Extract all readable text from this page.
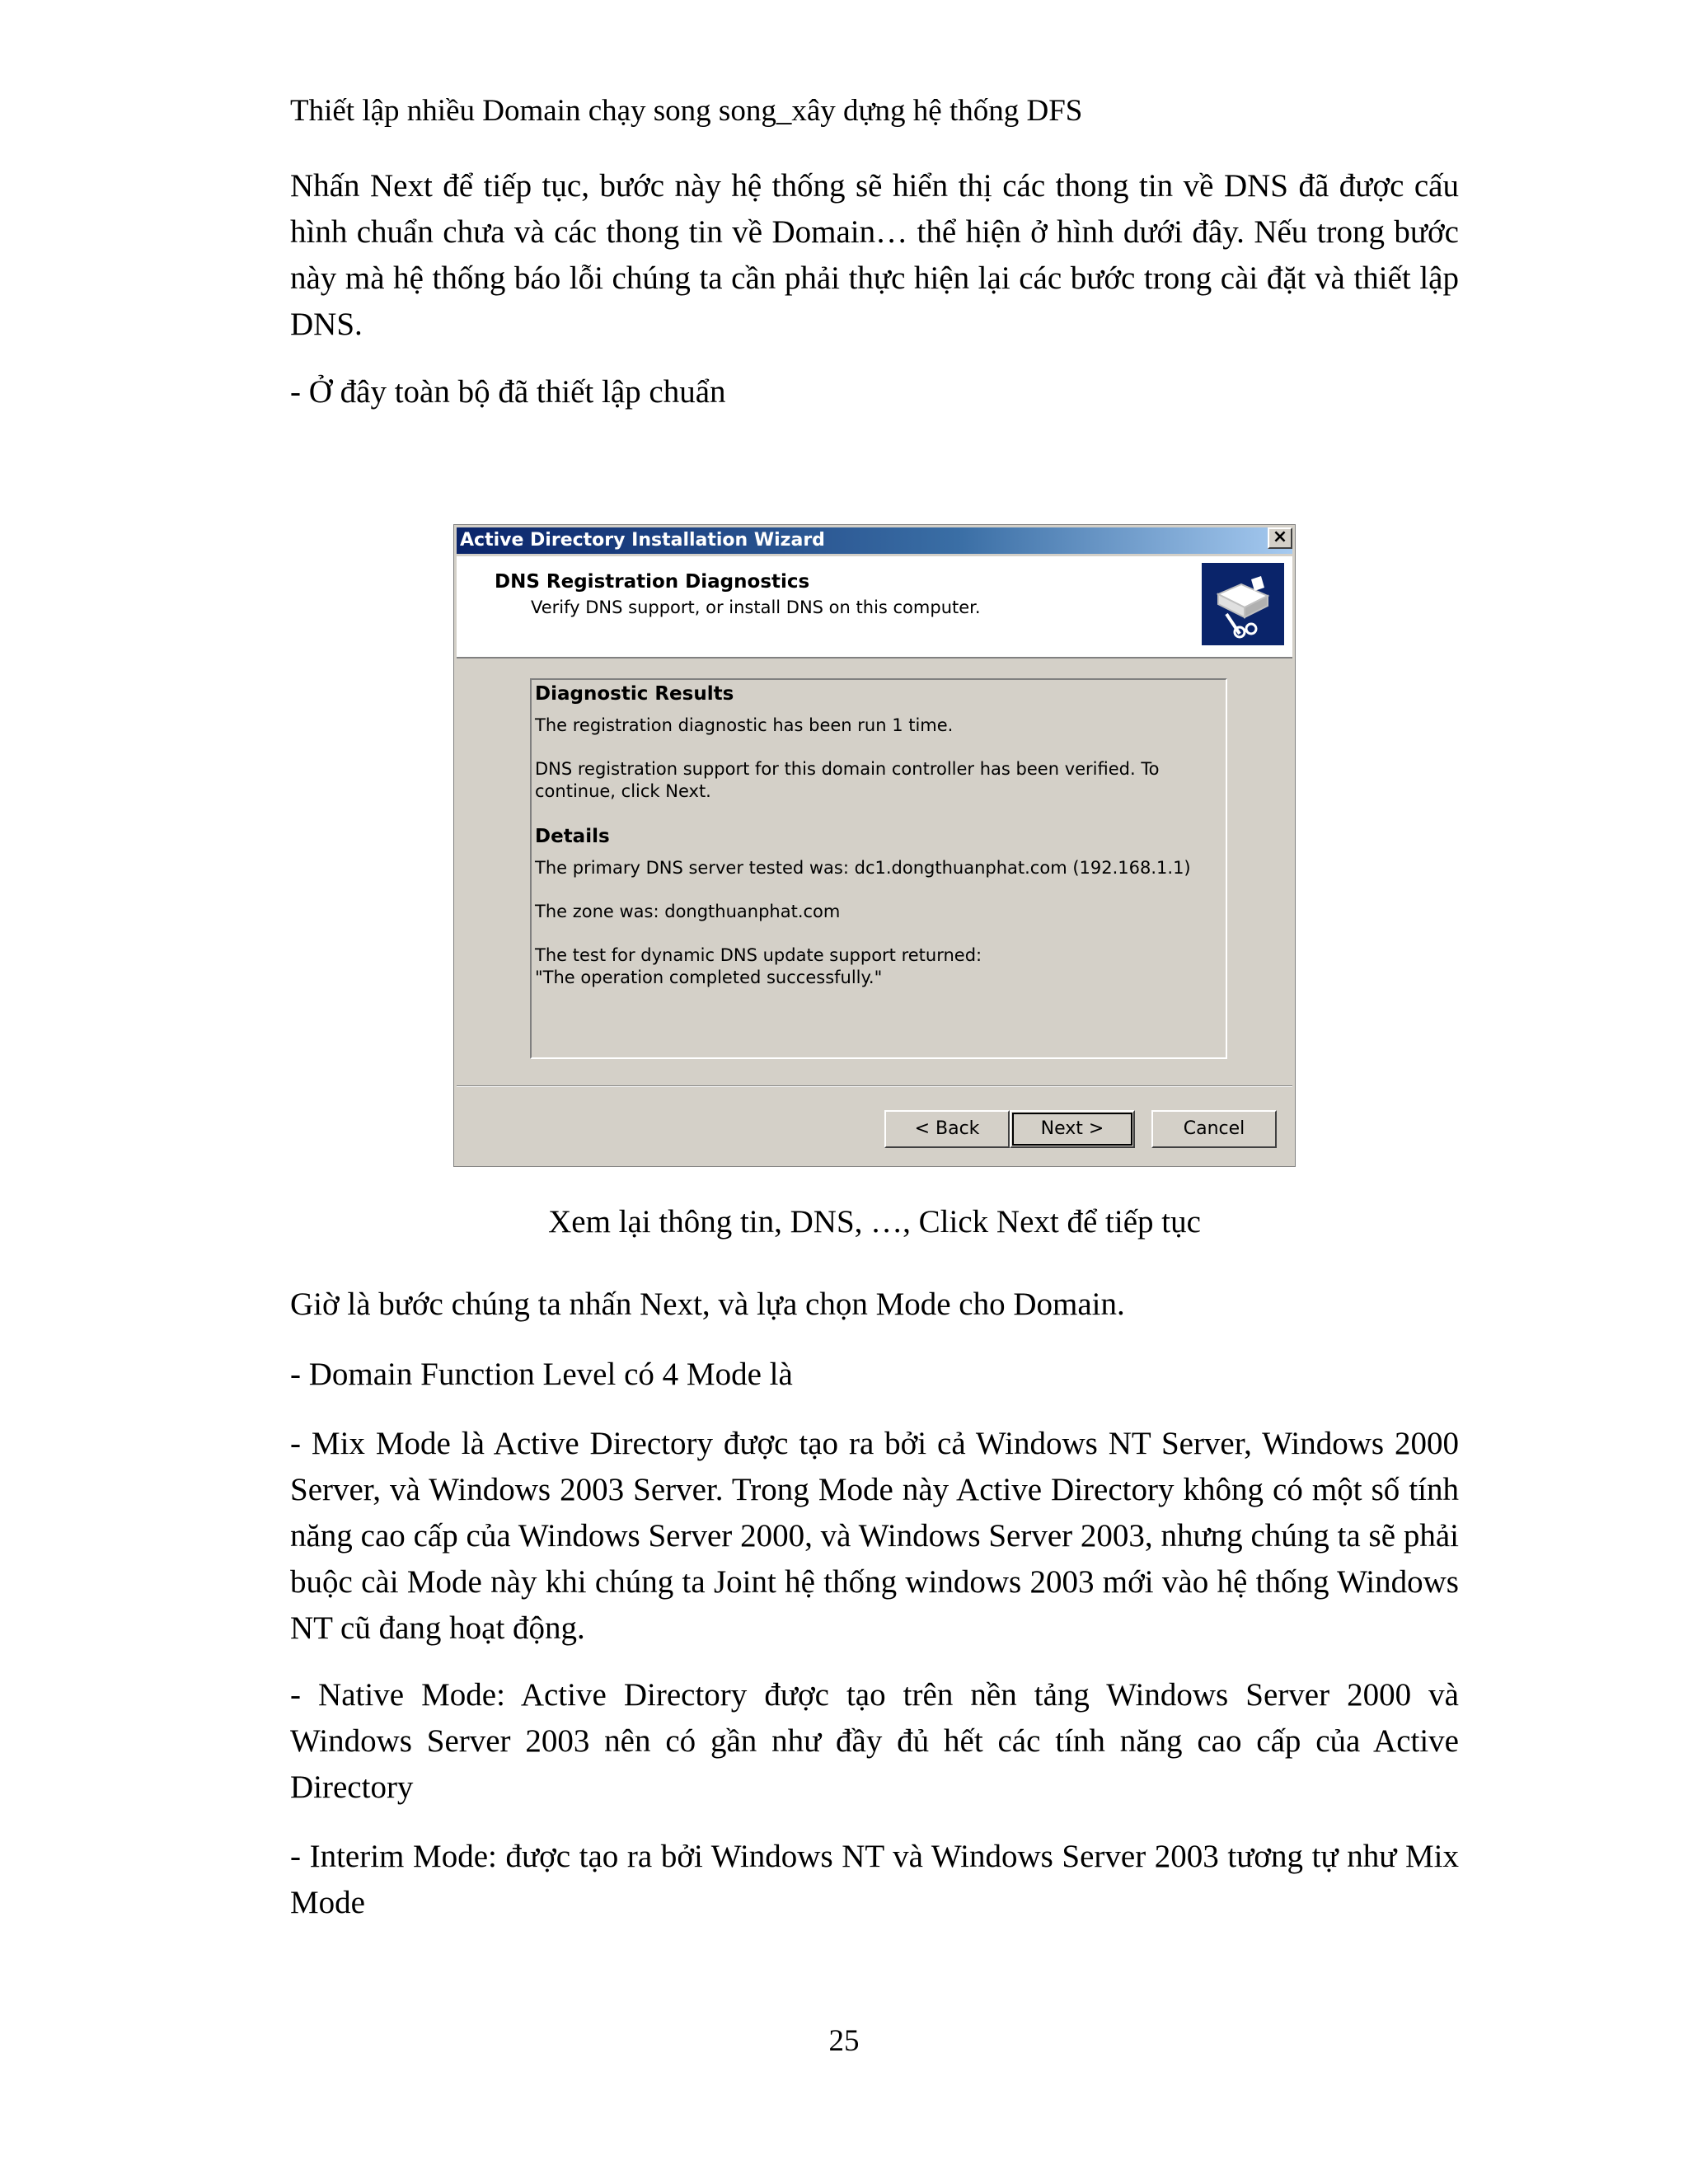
Thiết lập nhiều Domain chạy song song_xây dựng hệ thống DFS

Nhấn Next để tiếp tục, bước này hệ thống sẽ hiển thị các thong tin về DNS đã được cấu hình chuẩn chưa và các thong tin về Domain… thể hiện ở hình dưới đây. Nếu trong bước này mà hệ thống báo lỗi chúng ta cần phải thực hiện lại các bước trong cài đặt và thiết lập DNS.

- Ở đây toàn bộ đã thiết lập chuẩn

Active Directory Installation Wizard	×
DNS Registration Diagnostics
Verify DNS support, or install DNS on this computer.

Diagnostic Results

The registration diagnostic has been run 1 time.

DNS registration support for this domain controller has been verified. To continue, click Next.

Details

The primary DNS server tested was: dc1.dongthuanphat.com (192.168.1.1)

The zone was: dongthuanphat.com

The test for dynamic DNS update support returned:

"The operation completed successfully."

< Back	Next >	Cancel
Xem lại thông tin, DNS, …, Click Next để tiếp tục

Giờ là bước chúng ta nhấn Next, và lựa chọn Mode cho Domain.

- Domain Function Level có 4 Mode là

- Mix Mode là Active Directory được tạo ra bởi cả Windows NT Server, Windows 2000 Server, và Windows 2003 Server. Trong Mode này Active Directory không có một số tính năng cao cấp của Windows Server 2000, và Windows Server 2003, nhưng chúng ta sẽ phải buộc cài Mode này khi chúng ta Joint hệ thống windows 2003 mới vào hệ thống Windows NT cũ đang hoạt động.

- Native Mode: Active Directory được tạo trên nền tảng Windows Server 2000 và Windows Server 2003 nên có gần như đầy đủ hết các tính năng cao cấp của Active Directory

- Interim Mode: được tạo ra bởi Windows NT và Windows Server 2003 tương tự như Mix Mode

25
